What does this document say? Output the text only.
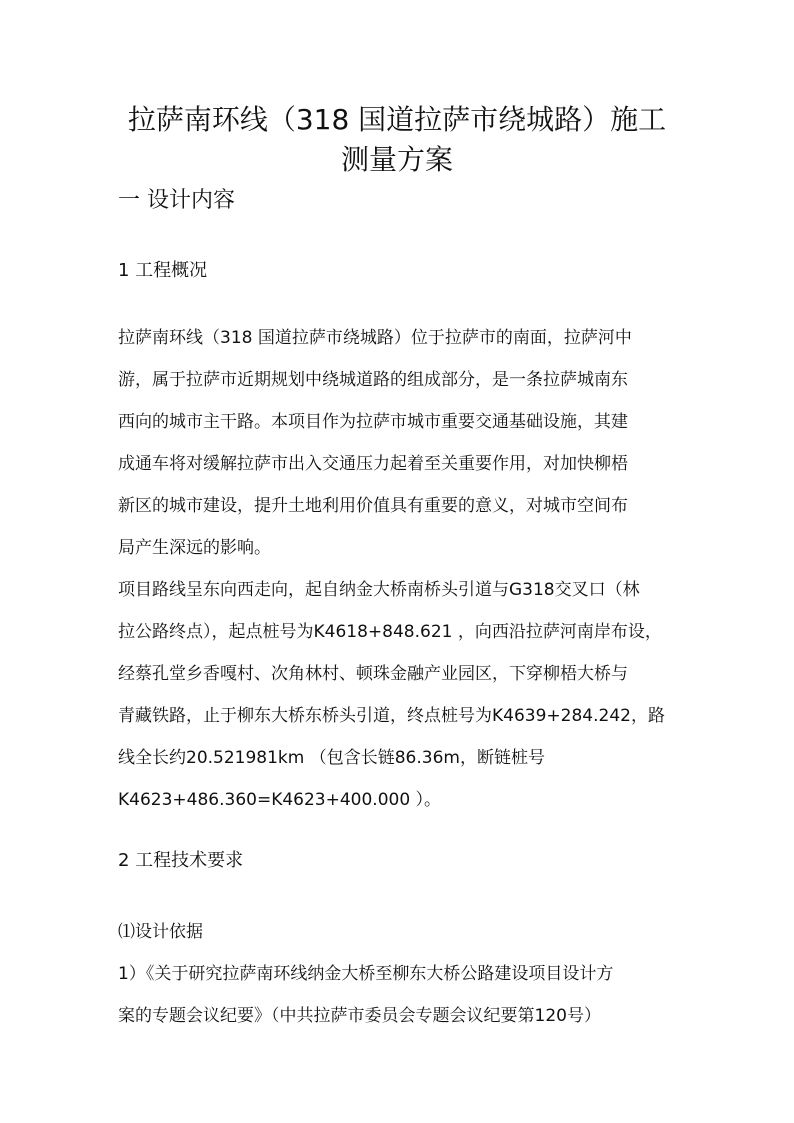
拉萨南环线（318 国道拉萨市绕城路）施工
测量方案
一 设计内容
1 工程概况

拉萨南环线（318 国道拉萨市绕城路）位于拉萨市的南面，拉萨河中
游，属于拉萨市近期规划中绕城道路的组成部分，是一条拉萨城南东
西向的城市主干路。本项目作为拉萨市城市重要交通基础设施，其建
成通车将对缓解拉萨市出入交通压力起着至关重要作用，对加快柳梧
新区的城市建设，提升土地利用价值具有重要的意义，对城市空间布
局产生深远的影响。

项目路线呈东向西走向，起自纳金大桥南桥头引道与G318交叉口（林
拉公路终点），起点桩号为K4618+848.621 ，向西沿拉萨河南岸布设，
经蔡孔堂乡香嘎村、次角林村、顿珠金融产业园区，下穿柳梧大桥与
青藏铁路，止于柳东大桥东桥头引道，终点桩号为K4639+284.242，路
线全长约20.521981km （包含长链86.36m，断链桩号
K4623+486.360=K4623+400.000 ）。

2 工程技术要求

⑴设计依据

1）《关于研究拉萨南环线纳金大桥至柳东大桥公路建设项目设计方
案的专题会议纪要》（中共拉萨市委员会专题会议纪要第120号）
